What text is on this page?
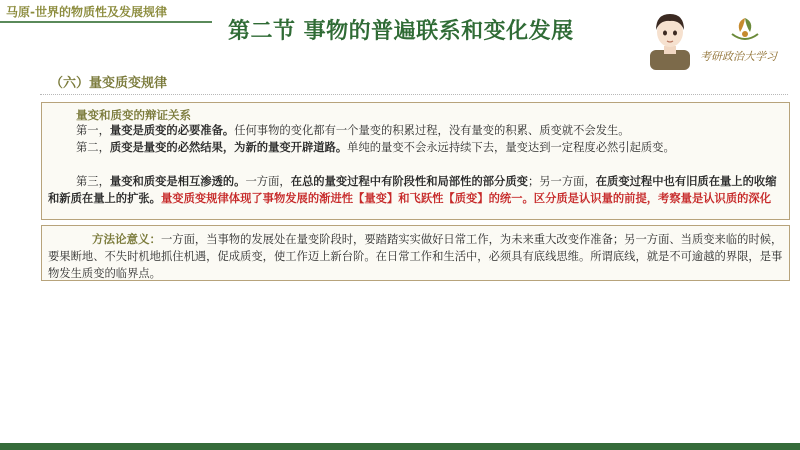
马原-世界的物质性及发展规律
第二节 事物的普遍联系和变化发展
考研政治大学习
（六）量变质变规律
量变和质变的辩证关系
第一，量变是质变的必要准备。任何事物的变化都有一个量变的积累过程，没有量变的积累、质变就不会发生。
第二，质变是量变的必然结果，为新的量变开辟道路。单纯的量变不会永远持续下去，量变达到一定程度必然引起质变。
第三，量变和质变是相互渗透的。一方面，在总的量变过程中有阶段性和局部性的部分质变；另一方面，在质变过程中也有旧质在量上的收缩和新质在量上的扩张。量变质变规律体现了事物发展的渐进性【量变】和飞跃性【质变】的统一。区分质是认识量的前提，考察量是认识质的深化
方法论意义：一方面，当事物的发展处在量变阶段时，要踏踏实实做好日常工作，为未来重大改变作准备；另一方面、当质变来临的时候，要果断地、不失时机地抓住机遇，促成质变，使工作迈上新台阶。在日常工作和生活中，必须具有底线思维。所谓底线，就是不可逾越的界限，是事物发生质变的临界点。
